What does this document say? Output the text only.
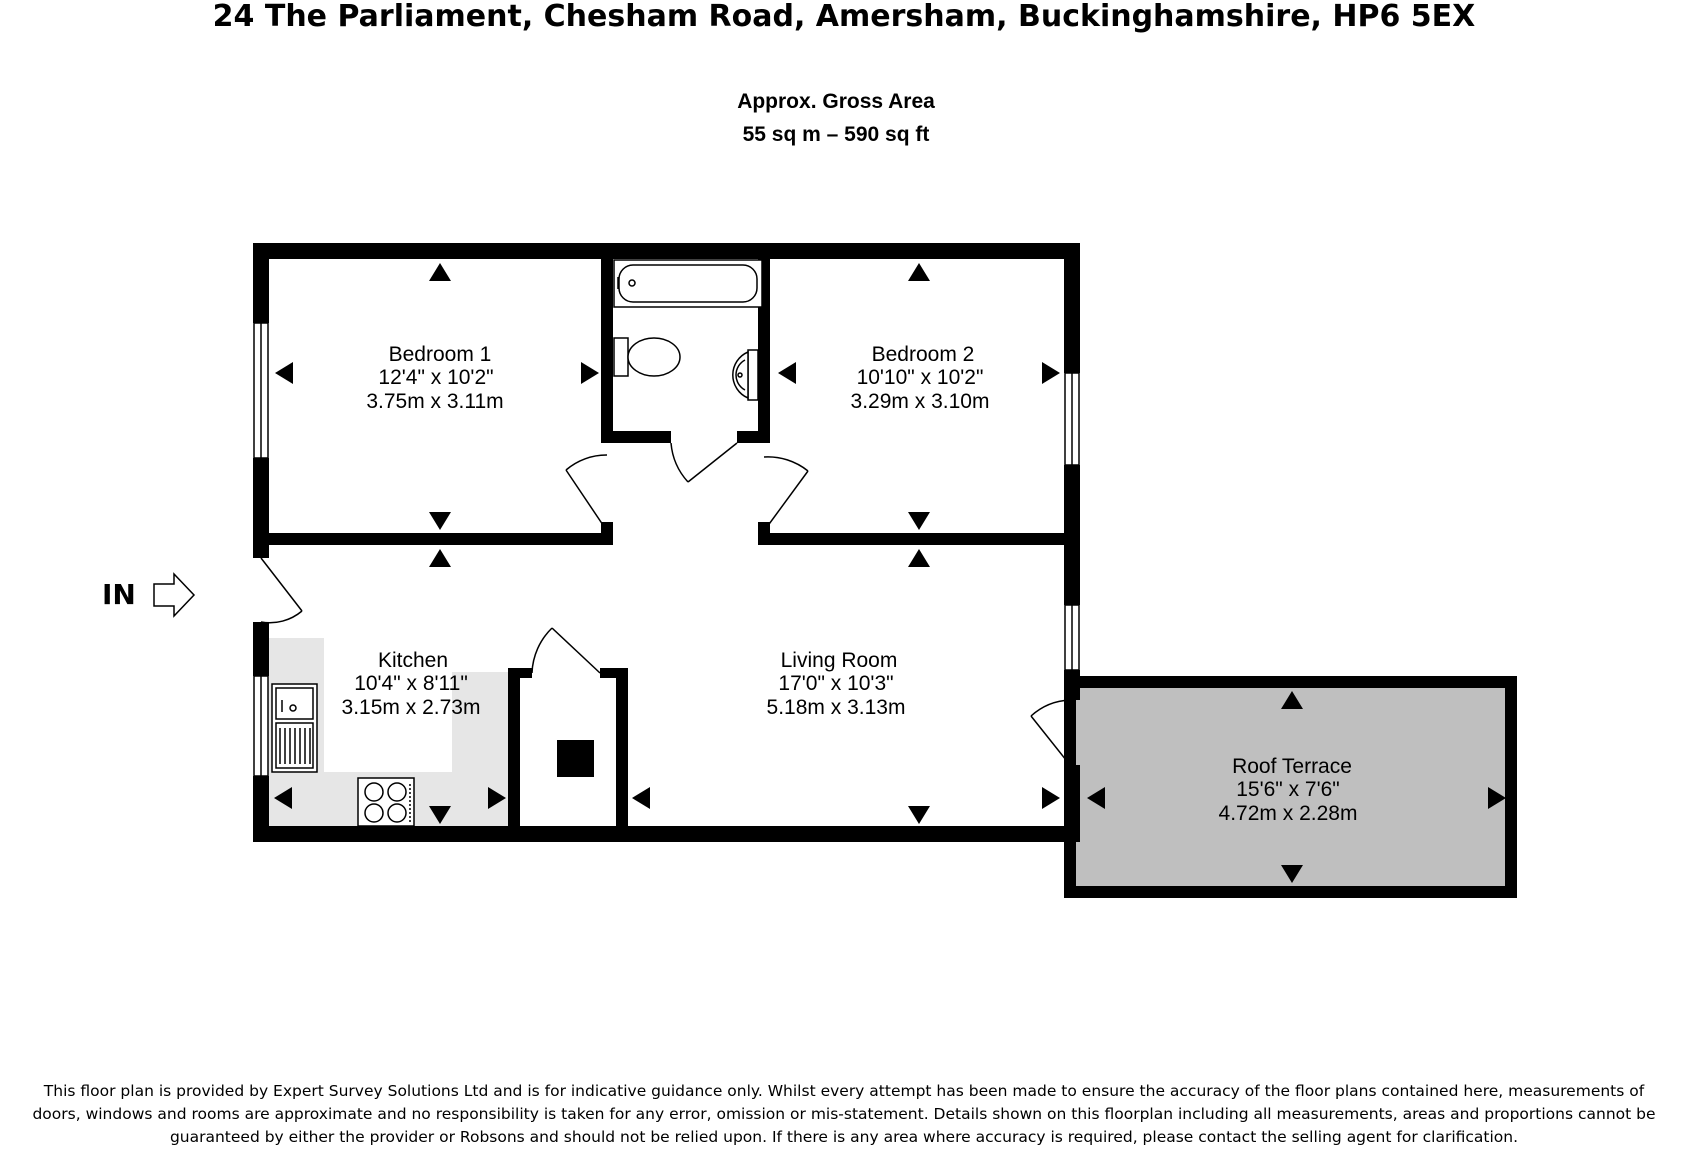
24 The Parliament, Chesham Road, Amersham, Buckinghamshire, HP6 5EX
Approx. Gross Area
55 sq m – 590 sq ft
IN
Bedroom 1
12'4" x 10'2"
3.75m x 3.11m
Bedroom 2
10'10" x 10'2"
3.29m x 3.10m
Kitchen
10'4" x 8'11"
3.15m x 2.73m
Living Room
17'0" x 10'3"
5.18m x 3.13m
Roof Terrace
15'6" x 7'6"
4.72m x 2.28m
This floor plan is provided by Expert Survey Solutions Ltd and is for indicative guidance only. Whilst every attempt has been made to ensure the accuracy of the floor plans contained here, measurements of
doors, windows and rooms are approximate and no responsibility is taken for any error, omission or mis-statement. Details shown on this floorplan including all measurements, areas and proportions cannot be
guaranteed by either the provider or Robsons and should not be relied upon. If there is any area where accuracy is required, please contact the selling agent for clarification.
